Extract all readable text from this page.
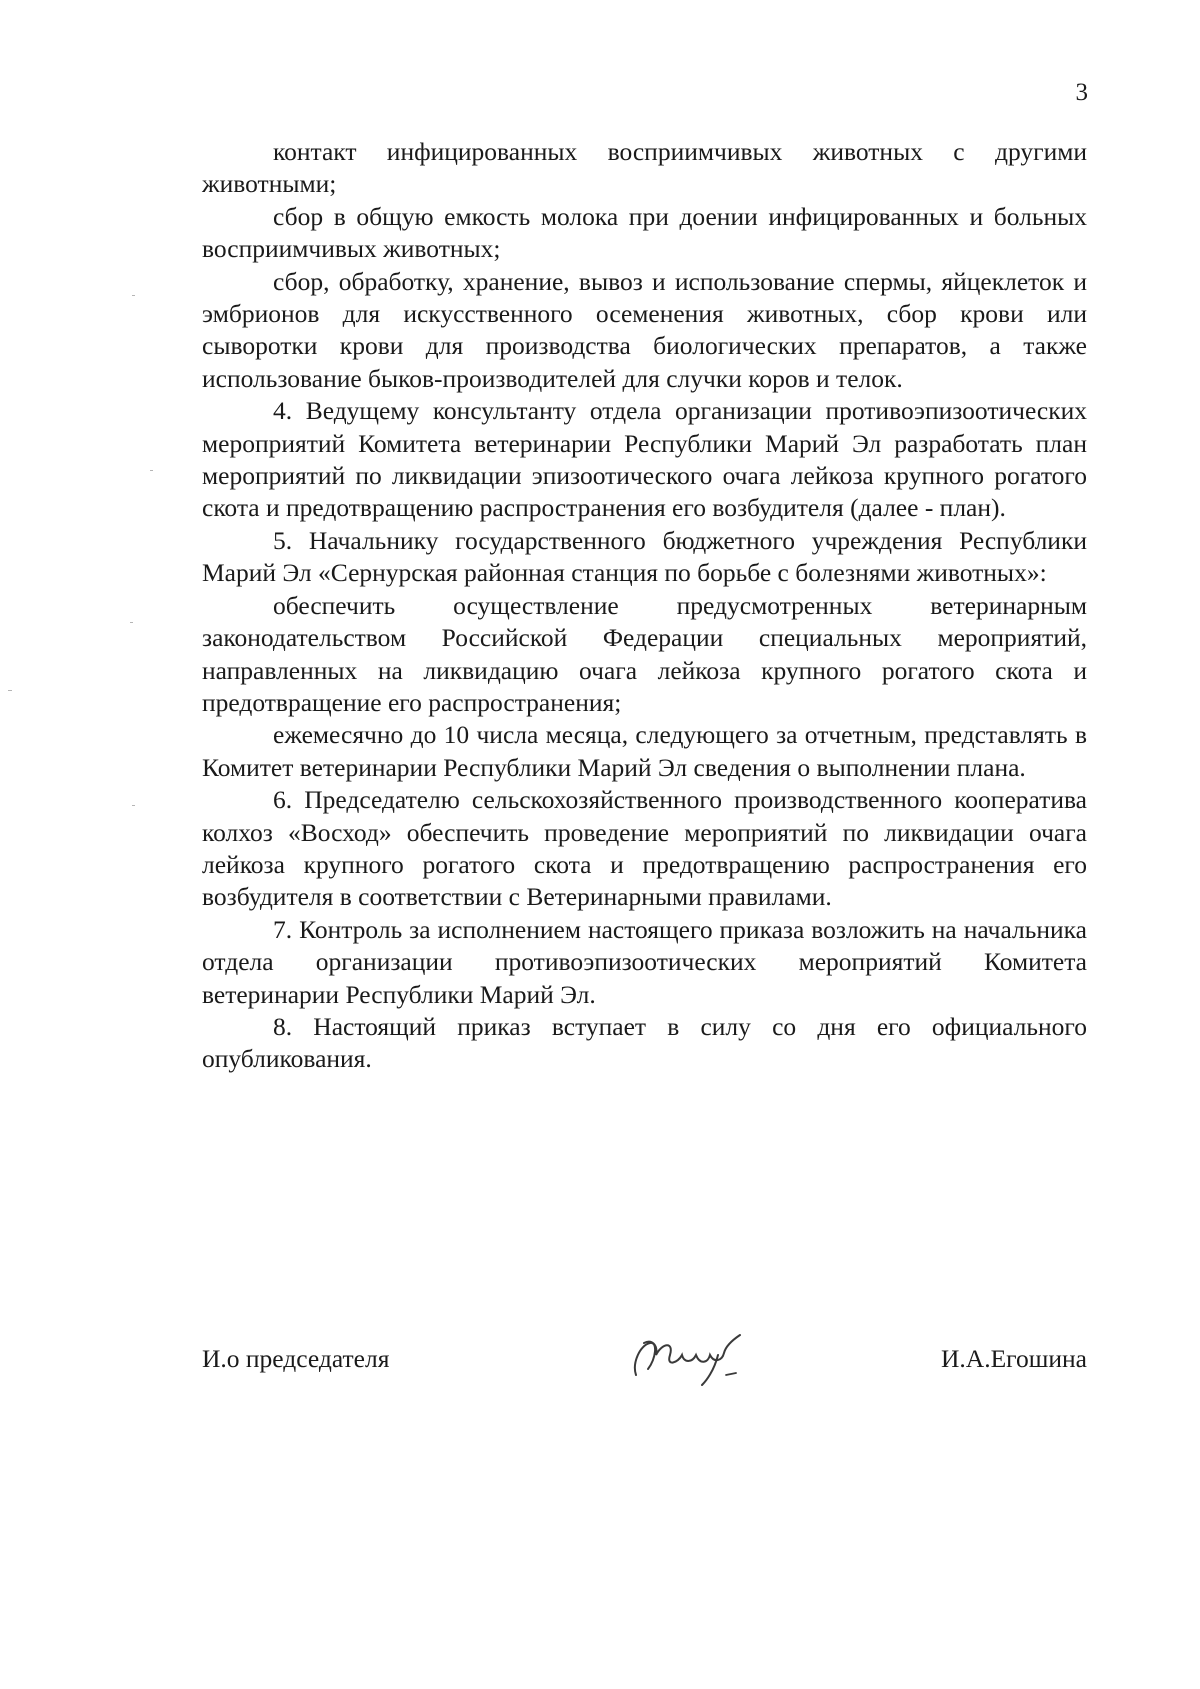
3

контакт инфицированных восприимчивых животных с другими животными;

сбор в общую емкость молока при доении инфицированных и больных восприимчивых животных;

сбор, обработку, хранение, вывоз и использование спермы, яйцеклеток и эмбрионов для искусственного осеменения животных, сбор крови или сыворотки крови для производства биологических препаратов, а также использование быков-производителей для случки коров и телок.

4. Ведущему консультанту отдела организации противоэпизоотических мероприятий Комитета ветеринарии Республики Марий Эл разработать план мероприятий по ликвидации эпизоотического очага лейкоза крупного рогатого скота и предотвращению распространения его возбудителя (далее - план).

5. Начальнику государственного бюджетного учреждения Республики Марий Эл «Сернурская районная станция по борьбе с болезнями животных»:

обеспечить осуществление предусмотренных ветеринарным законодательством Российской Федерации специальных мероприятий, направленных на ликвидацию очага лейкоза крупного рогатого скота и предотвращение его распространения;

ежемесячно до 10 числа месяца, следующего за отчетным, представлять в Комитет ветеринарии Республики Марий Эл сведения о выполнении плана.

6. Председателю сельскохозяйственного производственного кооператива колхоз «Восход» обеспечить проведение мероприятий по ликвидации очага лейкоза крупного рогатого скота и предотвращению распространения его возбудителя в соответствии с Ветеринарными правилами.

7. Контроль за исполнением настоящего приказа возложить на начальника отдела организации противоэпизоотических мероприятий Комитета ветеринарии Республики Марий Эл.

8. Настоящий приказ вступает в силу со дня его официального опубликования.

И.о председателя	И.А.Егошина
